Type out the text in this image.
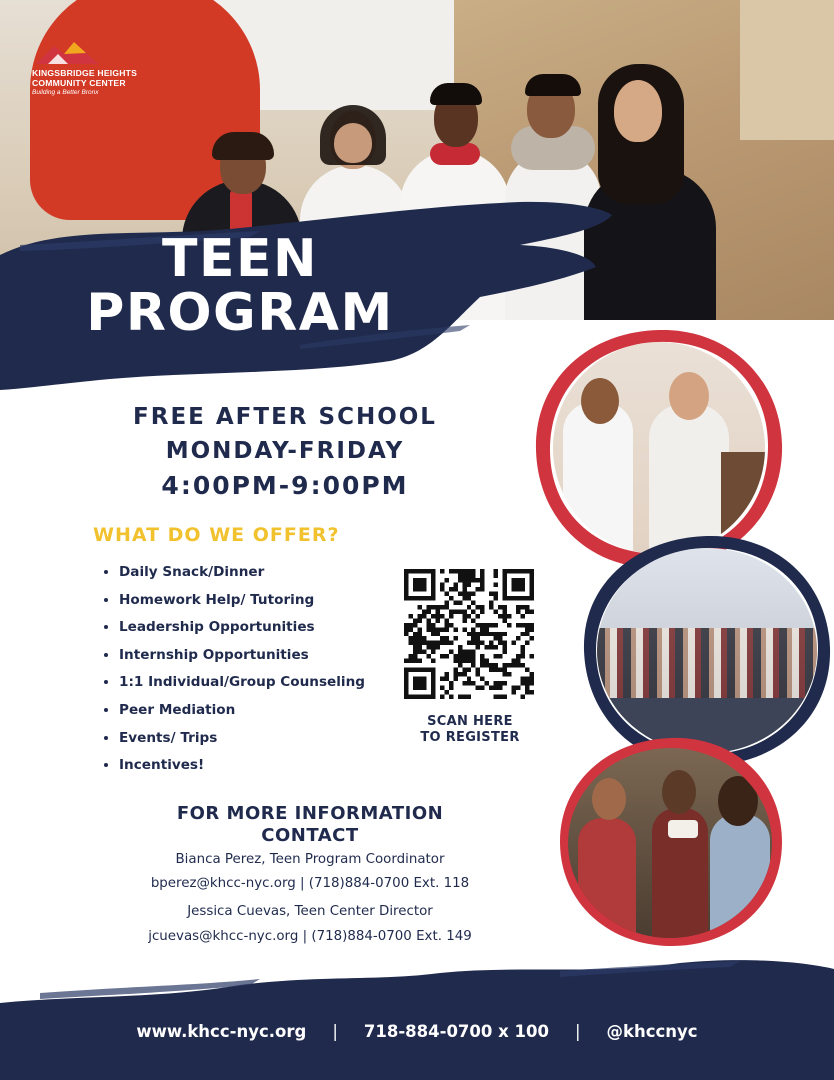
KINGSBRIDGE HEIGHTS
COMMUNITY CENTER
Building a Better Bronx
TEEN
PROGRAM
FREE AFTER SCHOOL
MONDAY-FRIDAY
4:00PM-9:00PM
WHAT DO WE OFFER?
Daily Snack/Dinner
Homework Help/ Tutoring
Leadership Opportunities
Internship Opportunities
1:1 Individual/Group Counseling
Peer Mediation
Events/ Trips
Incentives!
SCAN HERE
TO REGISTER
FOR MORE INFORMATION
CONTACT
Bianca Perez, Teen Program Coordinator
bperez@khcc-nyc.org | (718)884-0700 Ext. 118
Jessica Cuevas, Teen Center Director
jcuevas@khcc-nyc.org | (718)884-0700 Ext. 149
www.khcc-nyc.org | 718-884-0700 x 100 | @khccnyc
